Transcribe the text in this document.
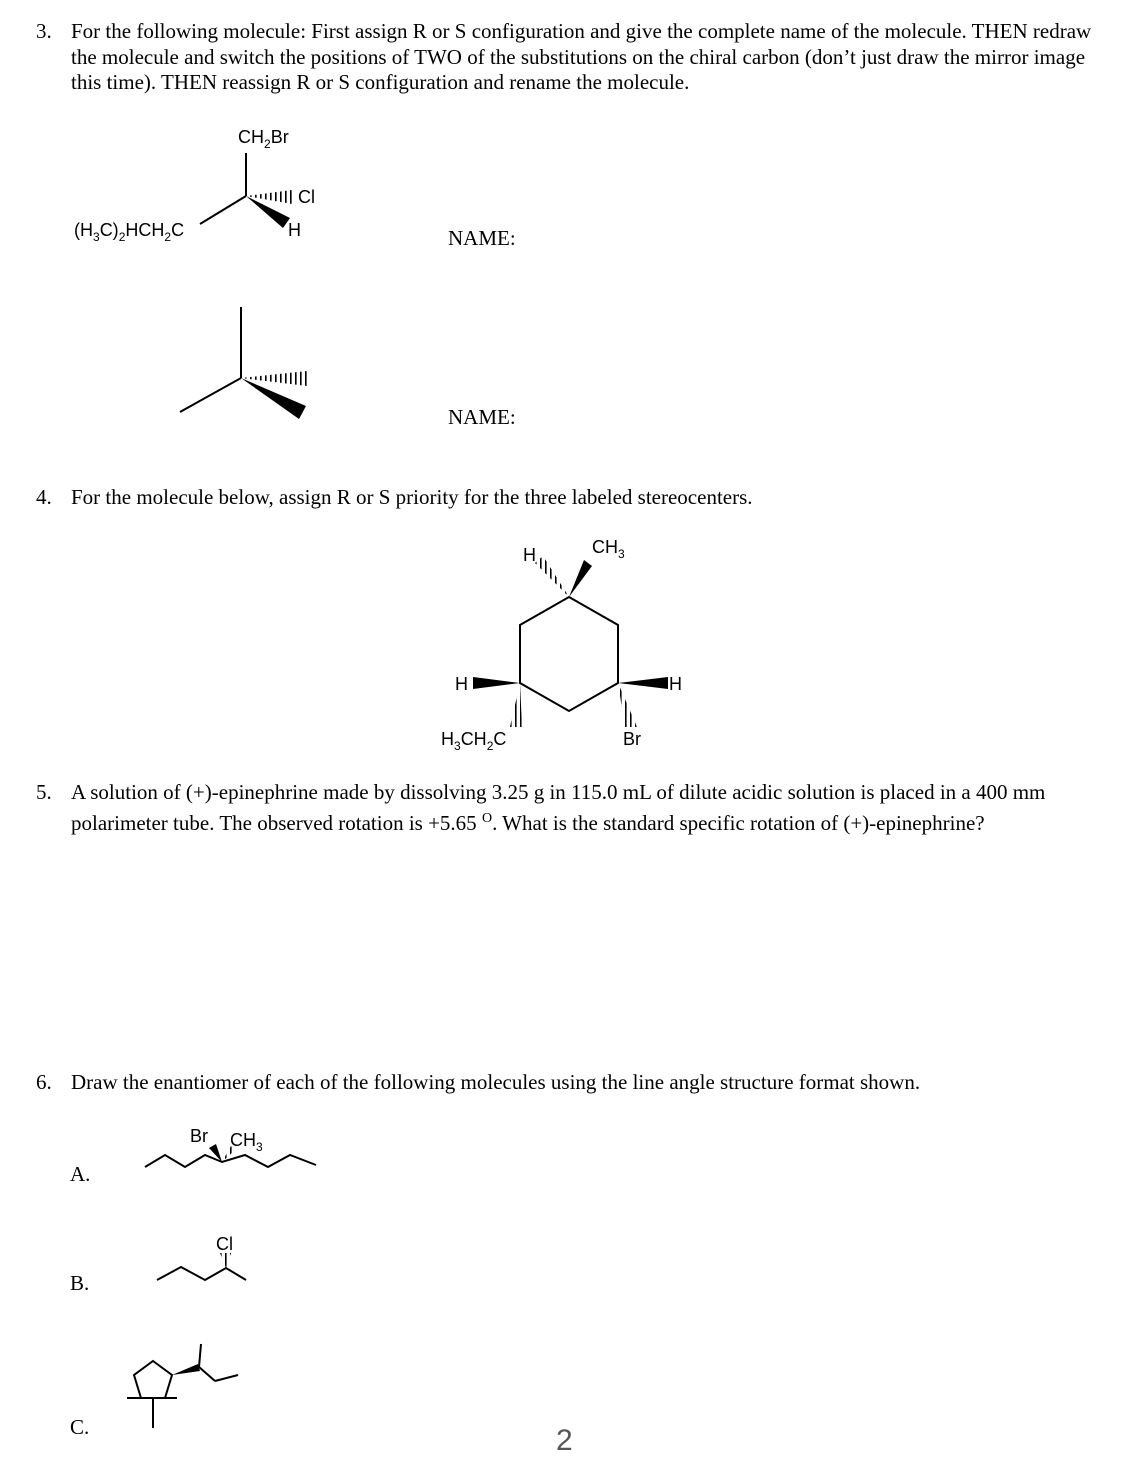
3. For the following molecule: First assign R or S configuration and give the complete name of the molecule. THEN redraw the molecule and switch the positions of TWO of the substitutions on the chiral carbon (don’t just draw the mirror image this time). THEN reassign R or S configuration and rename the molecule.
NAME:
NAME:
4. For the molecule below, assign R or S priority for the three labeled stereocenters.
5. A solution of (+)-epinephrine made by dissolving 3.25 g in 115.0 mL of dilute acidic solution is placed in a 400 mm polarimeter tube. The observed rotation is +5.65 $^O$. What is the standard specific rotation of (+)-epinephrine?
6. Draw the enantiomer of each of the following molecules using the line angle structure format shown.
A.
B.
C.
$CH_2Br$
Cl
H
$(H_3C)_2HCH_2C$
H	$CH_3$
H
$H_3CH_2C$
H
Br
Br $CH_3$
Cl
2
